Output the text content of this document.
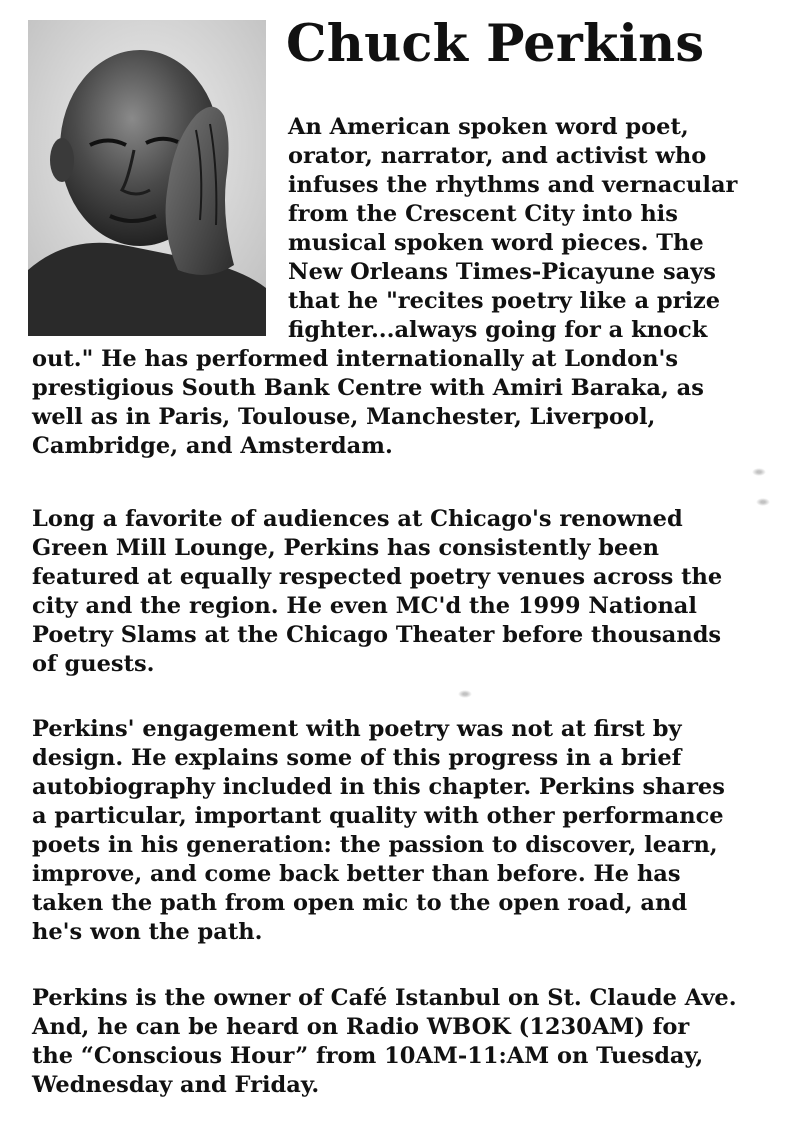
Chuck Perkins

An American spoken word poet,
orator, narrator, and activist who
infuses the rhythms and vernacular
from the Crescent City into his
musical spoken word pieces. The
New Orleans Times-Picayune says
that he "recites poetry like a prize
fighter...always going for a knock

out." He has performed internationally at London's
prestigious South Bank Centre with Amiri Baraka, as
well as in Paris, Toulouse, Manchester, Liverpool,
Cambridge, and Amsterdam.

Long a favorite of audiences at Chicago's renowned
Green Mill Lounge, Perkins has consistently been
featured at equally respected poetry venues across the
city and the region. He even MC'd the 1999 National
Poetry Slams at the Chicago Theater before thousands
of guests.

Perkins' engagement with poetry was not at first by
design. He explains some of this progress in a brief
autobiography included in this chapter. Perkins shares
a particular, important quality with other performance
poets in his generation: the passion to discover, learn,
improve, and come back better than before. He has
taken the path from open mic to the open road, and
he's won the path.

Perkins is the owner of Café Istanbul on St. Claude Ave.
And, he can be heard on Radio WBOK (1230AM) for
the “Conscious Hour” from 10AM-11:AM on Tuesday,
Wednesday and Friday.
